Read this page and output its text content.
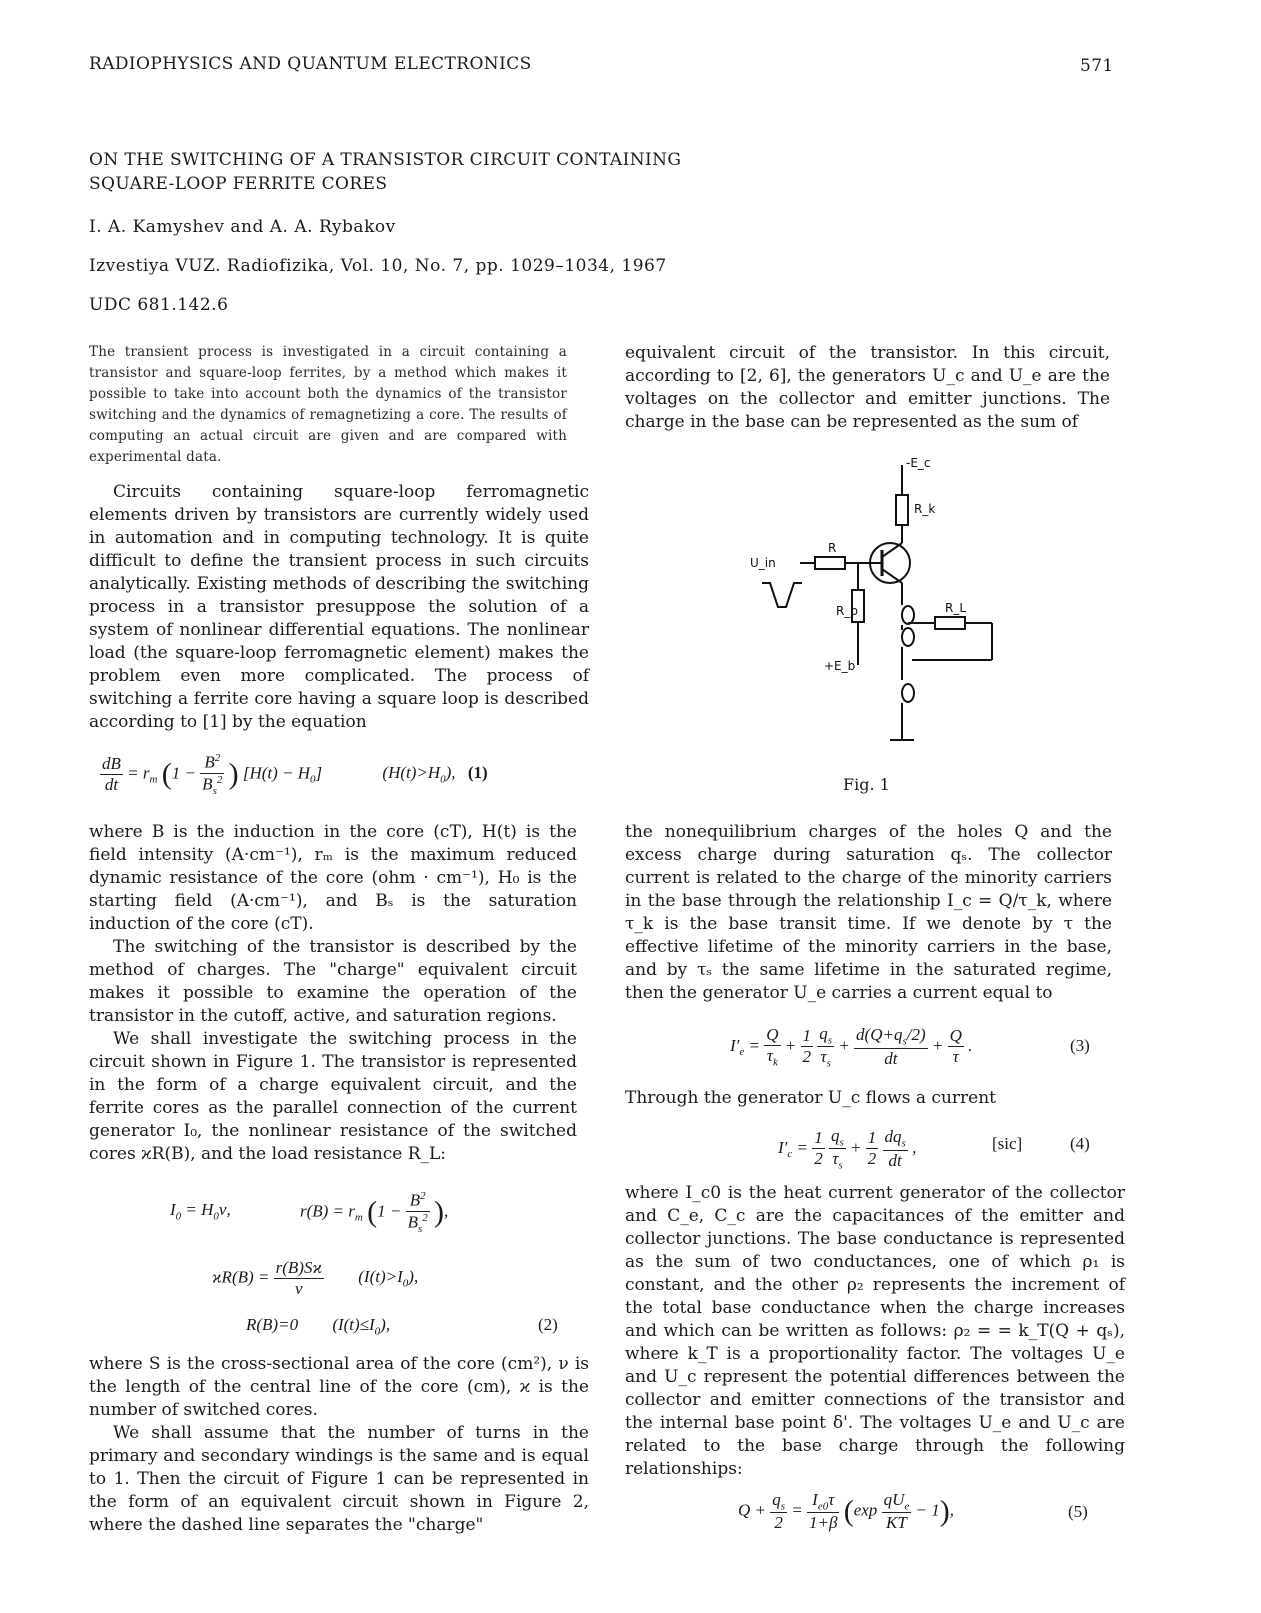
RADIOPHYSICS AND QUANTUM ELECTRONICS	571
ON THE SWITCHING OF A TRANSISTOR CIRCUIT CONTAINING
SQUARE-LOOP FERRITE CORES
I. A. Kamyshev and A. A. Rybakov
Izvestiya VUZ. Radiofizika, Vol. 10, No. 7, pp. 1029–1034, 1967
UDC 681.142.6
The transient process is investigated in a circuit containing a transistor and square-loop ferrites, by a method which makes it possible to take into account both the dynamics of the transistor switching and the dynamics of remagnetizing a core. The results of computing an actual circuit are given and are compared with experimental data.

Circuits containing square-loop ferromagnetic elements driven by transistors are currently widely used in automation and in computing technology. It is quite difficult to define the transient process in such circuits analytically. Existing methods of describing the switching process in a transistor presuppose the solution of a system of nonlinear differential equations. The nonlinear load (the square-loop ferromagnetic element) makes the problem even more complicated. The process of switching a ferrite core having a square loop is described according to [1] by the equation

$\frac{dB}{dt} = r_m$ ($1 - \frac{B^2}{B_s^2}$ ) $[H(t) - H_0]$	$(H(t)>H_0)$, (1)

where B is the induction in the core (cT), H(t) is the field intensity (A·cm⁻¹), rₘ is the maximum reduced dynamic resistance of the core (ohm · cm⁻¹), H₀ is the starting field (A·cm⁻¹), and Bₛ is the saturation induction of the core (cT).

The switching of the transistor is described by the method of charges. The "charge" equivalent circuit makes it possible to examine the operation of the transistor in the cutoff, active, and saturation regions.

We shall investigate the switching process in the circuit shown in Figure 1. The transistor is represented in the form of a charge equivalent circuit, and the ferrite cores as the parallel connection of the current generator I₀, the nonlinear resistance of the switched cores ϰR(B), and the load resistance R_L:

$I_0 = H_0\nu$,	$r(B) = r_m$ ($1 - \frac{B^2}{B_s^2}$ ),
$ϰR(B) = \frac{r(B)Sϰ}{\nu} (I(t)>I_0)$,
R(B)=0 $(I(t)\le I_0)$,	(2)

where S is the cross-sectional area of the core (cm²), ν is the length of the central line of the core (cm), ϰ is the number of switched cores.

We shall assume that the number of turns in the primary and secondary windings is the same and is equal to 1. Then the circuit of Figure 1 can be represented in the form of an equivalent circuit shown in Figure 2, where the dashed line separates the "charge"

equivalent circuit of the transistor. In this circuit, according to [2, 6], the generators U_c and U_e are the voltages on the collector and emitter junctions. The charge in the base can be represented as the sum of
-E_c
R_k
R
U_in
R_b
+E_b
R_L
Fig. 1
the nonequilibrium charges of the holes Q and the excess charge during saturation qₛ. The collector current is related to the charge of the minority carriers in the base through the relationship I_c = Q/τ_k, where τ_k is the base transit time. If we denote by τ the effective lifetime of the minority carriers in the base, and by τₛ the same lifetime in the saturated regime, then the generator U_e carries a current equal to
$I'_e = \frac{Q}{\tau_k} + \frac{1}{2}$
$\frac{q_s}{\tau_s} + \frac{d(Q+q_s/2)}{dt} + \frac{Q}{\tau}$ .	(3)
Through the generator U_c flows a current
$I'_c = \frac{1}{2}$
$\frac{q_s}{\tau_s} + \frac{1}{2}$
$\frac{dq_s}{dt}$ ,	[sic]	(4)
where I_c0 is the heat current generator of the collector and C_e, C_c are the capacitances of the emitter and collector junctions. The base conductance is represented as the sum of two conductances, one of which ρ₁ is constant, and the other ρ₂ represents the increment of the total base conductance when the charge increases and which can be written as follows: ρ₂ = = k_T(Q + qₛ), where k_T is a proportionality factor. The voltages U_e and U_c represent the potential differences between the collector and emitter connections of the transistor and the internal base point δ'. The voltages U_e and U_c are related to the base charge through the following relationships:
$Q + \frac{q_s}{2} = \frac{I_{e0}\tau}{1+\beta} (\exp \frac{qU_e}{KT} - 1)$,	(5)
